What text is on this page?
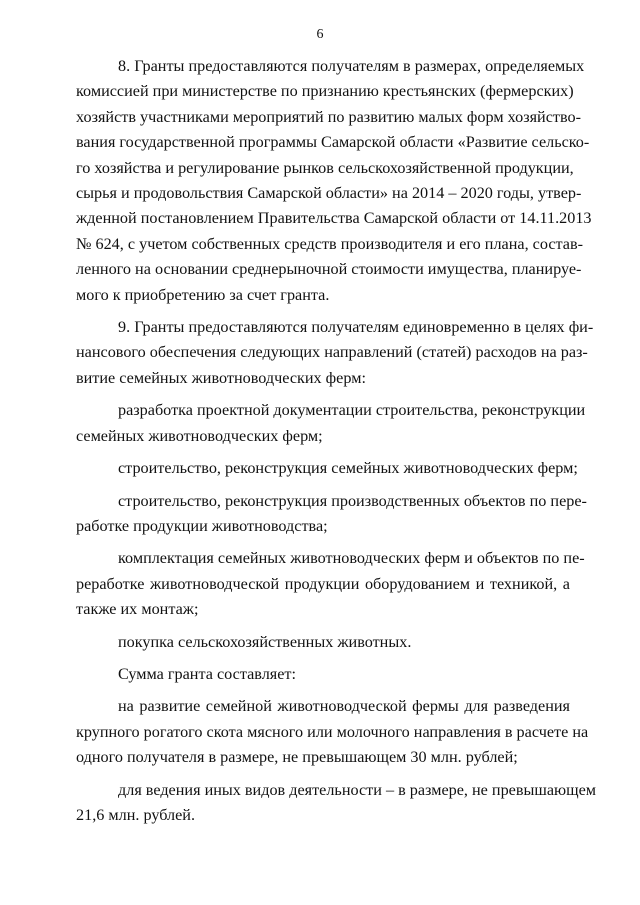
6
8. Гранты предоставляются получателям в размерах, определяемых
комиссией при министерстве по признанию крестьянских (фермерских)
хозяйств участниками мероприятий по развитию малых форм хозяйство-
вания государственной программы Самарской области «Развитие сельско-
го хозяйства и регулирование рынков сельскохозяйственной продукции,
сырья и продовольствия Самарской области» на 2014 – 2020 годы, утвер-
жденной постановлением Правительства Самарской области от 14.11.2013
№ 624, с учетом собственных средств производителя и его плана, состав-
ленного на основании среднерыночной стоимости имущества, планируе-
мого к приобретению за счет гранта.
9. Гранты предоставляются получателям единовременно в целях фи-
нансового обеспечения следующих направлений (статей) расходов на раз-
витие семейных животноводческих ферм:
разработка проектной документации строительства, реконструкции
семейных животноводческих ферм;
строительство, реконструкция семейных животноводческих ферм;
строительство, реконструкция производственных объектов по пере-
работке продукции животноводства;
комплектация семейных животноводческих ферм и объектов по пе-
реработке животноводческой продукции оборудованием и техникой, а
также их монтаж;
покупка сельскохозяйственных животных.
Сумма гранта составляет:
на развитие семейной животноводческой фермы для разведения
крупного рогатого скота мясного или молочного направления в расчете на
одного получателя в размере, не превышающем 30 млн. рублей;
для ведения иных видов деятельности – в размере, не превышающем
21,6 млн. рублей.
